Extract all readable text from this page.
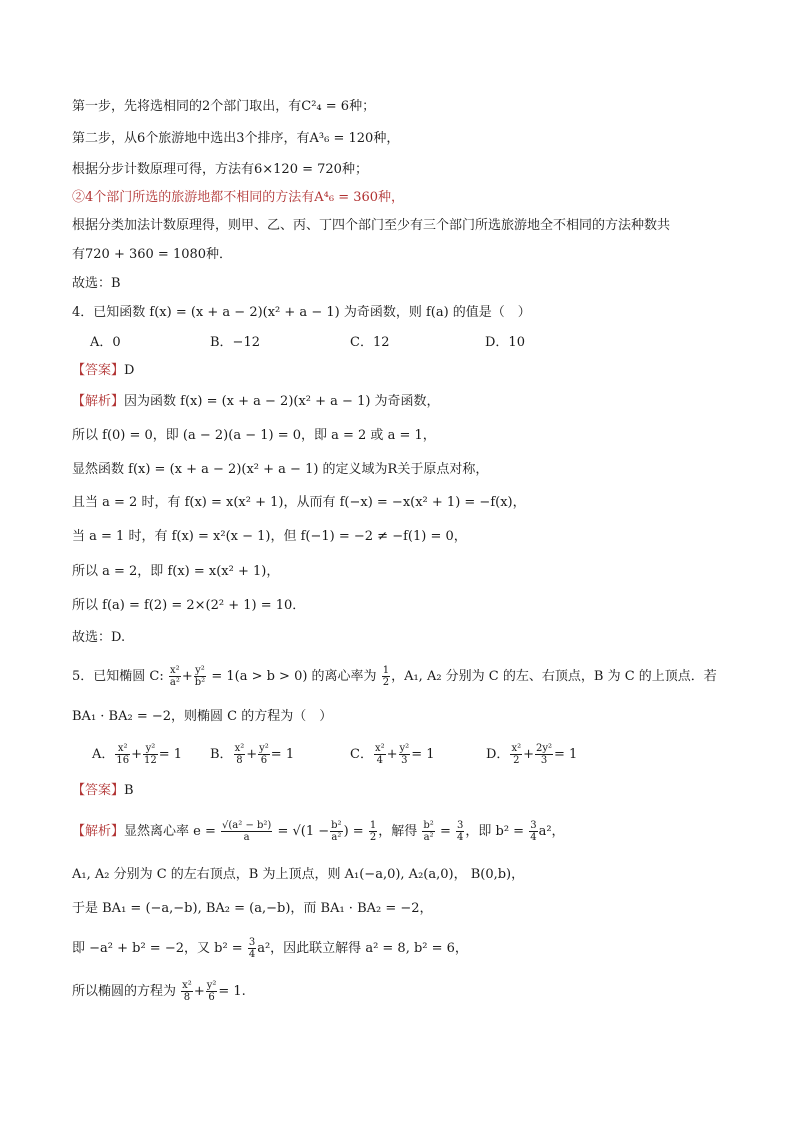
第一步，先将选相同的2个部门取出，有C²₄ = 6种；
第二步，从6个旅游地中选出3个排序，有A³₆ = 120种，
根据分步计数原理可得，方法有6×120 = 720种；
②4个部门所选的旅游地都不相同的方法有A⁴₆ = 360种，
根据分类加法计数原理得，则甲、乙、丙、丁四个部门至少有三个部门所选旅游地全不相同的方法种数共
有720 + 360 = 1080种．
故选：B
4．已知函数 f(x) = (x + a − 2)(x² + a − 1) 为奇函数，则 f(a) 的值是（　）
A．0	B．−12	C．12	D．10
【答案】D
【解析】因为函数 f(x) = (x + a − 2)(x² + a − 1) 为奇函数，
所以 f(0) = 0，即 (a − 2)(a − 1) = 0，即 a = 2 或 a = 1，
显然函数 f(x) = (x + a − 2)(x² + a − 1) 的定义域为R关于原点对称，
且当 a = 2 时，有 f(x) = x(x² + 1)，从而有 f(−x) = −x(x² + 1) = −f(x)，
当 a = 1 时，有 f(x) = x²(x − 1)，但 f(−1) = −2 ≠ −f(1) = 0，
所以 a = 2，即 f(x) = x(x² + 1)，
所以 f(a) = f(2) = 2×(2² + 1) = 10．
故选：D.
5．已知椭圆 C: $\frac{\text{x²}}{\text{a²}} + \frac{\text{y²}}{\text{b²}} = 1(a > b > 0)$ 的离心率为 $\frac{1}{2}$ ，A₁, A₂ 分别为 C 的左、右顶点，B 为 C 的上顶点．若
BA₁ · BA₂ = −2，则椭圆 C 的方程为（　）
A． $\frac{\text{x²}}{16} + \frac{\text{y²}}{12} = 1$ B． $\frac{\text{x²}}{8} + \frac{\text{y²}}{6} = 1$	C． $\frac{\text{x²}}{4} + \frac{\text{y²}}{3} = 1$	D． $\frac{\text{x²}}{2} + \frac{\text{2y²}}{3} = 1$
【答案】B
【解析】显然离心率 $e = \frac{\text{√(a² − b²)}}{a} = √(1 - \frac{\text{b²}}{\text{a²}}$ ) = $\frac{1}{2}$ ，解得 $\frac{\text{b²}}{\text{a²}} = \frac{3}{4}$ ，即 $b^2 = \frac{3}{4} a^2$，
A₁, A₂ 分别为 C 的左右顶点，B 为上顶点，则 A₁(−a,0), A₂(a,0)， B(0,b)，
于是 BA₁ = (−a,−b), BA₂ = (a,−b)，而 BA₁ · BA₂ = −2，
即 −a² + b² = −2，又 $b^2 = \frac{3}{4} a^2$，因此联立解得 a² = 8, b² = 6，
所以椭圆的方程为 $\frac{\text{x²}}{8} + \frac{\text{y²}}{6} = 1$.
